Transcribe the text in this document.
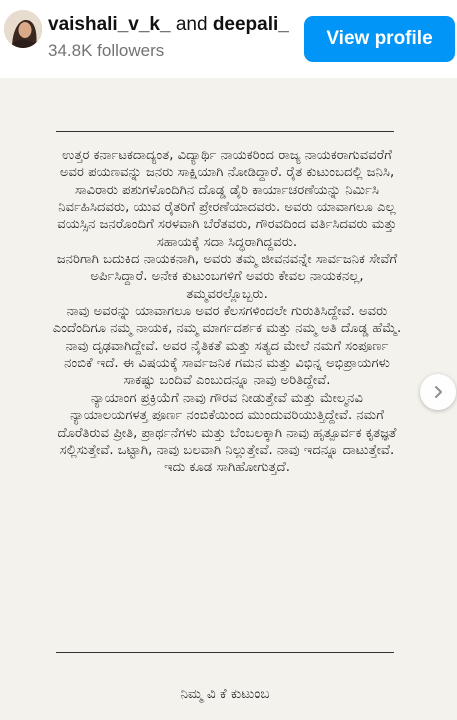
vaishali_v_k_ and deepali_
34.8K followers
View profile

ಉತ್ತರ ಕರ್ನಾಟಕದಾದ್ಯಂತ, ವಿದ್ಯಾರ್ಥಿ ನಾಯಕರಿಂದ ರಾಜ್ಯ ನಾಯಕರಾಗುವವರೆಗೆ ಅವರ ಪಯಣವನ್ನು ಜನರು ಸಾಕ್ಷಿಯಾಗಿ ನೋಡಿದ್ದಾರೆ. ರೈತ ಕುಟುಂಬದಲ್ಲಿ ಜನಿಸಿ, ಸಾವಿರಾರು ಪಶುಗಳೊಂದಿಗಿನ ದೊಡ್ಡ ಡೈರಿ ಕಾರ್ಯಾಚರಣೆಯನ್ನು ನಿರ್ಮಿಸಿ ನಿರ್ವಹಿಸಿದವರು, ಯುವ ರೈತರಿಗೆ ಪ್ರೇರಣೆಯಾದವರು. ಅವರು ಯಾವಾಗಲೂ ಎಲ್ಲ ವಯಸ್ಸಿನ ಜನರೊಂದಿಗೆ ಸರಳವಾಗಿ ಬೆರೆತವರು, ಗೌರವದಿಂದ ವರ್ತಿಸಿದವರು ಮತ್ತು ಸಹಾಯಕ್ಕೆ ಸದಾ ಸಿದ್ಧರಾಗಿದ್ದವರು.

ಜನರಿಗಾಗಿ ಬದುಕಿದ ನಾಯಕನಾಗಿ, ಅವರು ತಮ್ಮ ಜೀವನವನ್ನೇ ಸಾರ್ವಜನಿಕ ಸೇವೆಗೆ ಅರ್ಪಿಸಿದ್ದಾರೆ. ಅನೇಕ ಕುಟುಂಬಗಳಿಗೆ ಅವರು ಕೇವಲ ನಾಯಕನಲ್ಲ, ತಮ್ಮವರಲ್ಲೊಬ್ಬರು.

ನಾವು ಅವರನ್ನು ಯಾವಾಗಲೂ ಅವರ ಕೆಲಸಗಳಿಂದಲೇ ಗುರುತಿಸಿದ್ದೇವೆ. ಅವರು ಎಂದೆಂದಿಗೂ ನಮ್ಮ ನಾಯಕ, ನಮ್ಮ ಮಾರ್ಗದರ್ಶಕ ಮತ್ತು ನಮ್ಮ ಅತಿ ದೊಡ್ಡ ಹೆಮ್ಮೆ.

ನಾವು ದೃಢವಾಗಿದ್ದೇವೆ. ಅವರ ನೈತಿಕತೆ ಮತ್ತು ಸತ್ಯದ ಮೇಲೆ ನಮಗೆ ಸಂಪೂರ್ಣ ನಂಬಿಕೆ ಇದೆ. ಈ ವಿಷಯಕ್ಕೆ ಸಾರ್ವಜನಿಕ ಗಮನ ಮತ್ತು ವಿಭಿನ್ನ ಅಭಿಪ್ರಾಯಗಳು ಸಾಕಷ್ಟು ಬಂದಿವೆ ಎಂಬುದನ್ನೂ ನಾವು ಅರಿತಿದ್ದೇವೆ.

ನ್ಯಾಯಾಂಗ ಪ್ರಕ್ರಿಯೆಗೆ ನಾವು ಗೌರವ ನೀಡುತ್ತೇವೆ ಮತ್ತು ಮೇಲ್ಮನವಿ ನ್ಯಾಯಾಲಯಗಳತ್ತ ಪೂರ್ಣ ನಂಬಿಕೆಯಿಂದ ಮುಂದುವರಿಯುತ್ತಿದ್ದೇವೆ. ನಮಗೆ ದೊರೆತಿರುವ ಪ್ರೀತಿ, ಪ್ರಾರ್ಥನೆಗಳು ಮತ್ತು ಬೆಂಬಲಕ್ಕಾಗಿ ನಾವು ಹೃತ್ಪೂರ್ವಕ ಕೃತಜ್ಞತೆ ಸಲ್ಲಿಸುತ್ತೇವೆ. ಒಟ್ಟಾಗಿ, ನಾವು ಬಲವಾಗಿ ನಿಲ್ಲುತ್ತೇವೆ. ನಾವು ಇದನ್ನೂ ದಾಟುತ್ತೇವೆ. ಇದು ಕೂಡ ಸಾಗಿಹೋಗುತ್ತದೆ.

ನಿಮ್ಮ ವಿ ಕೆ ಕುಟುಂಬ
